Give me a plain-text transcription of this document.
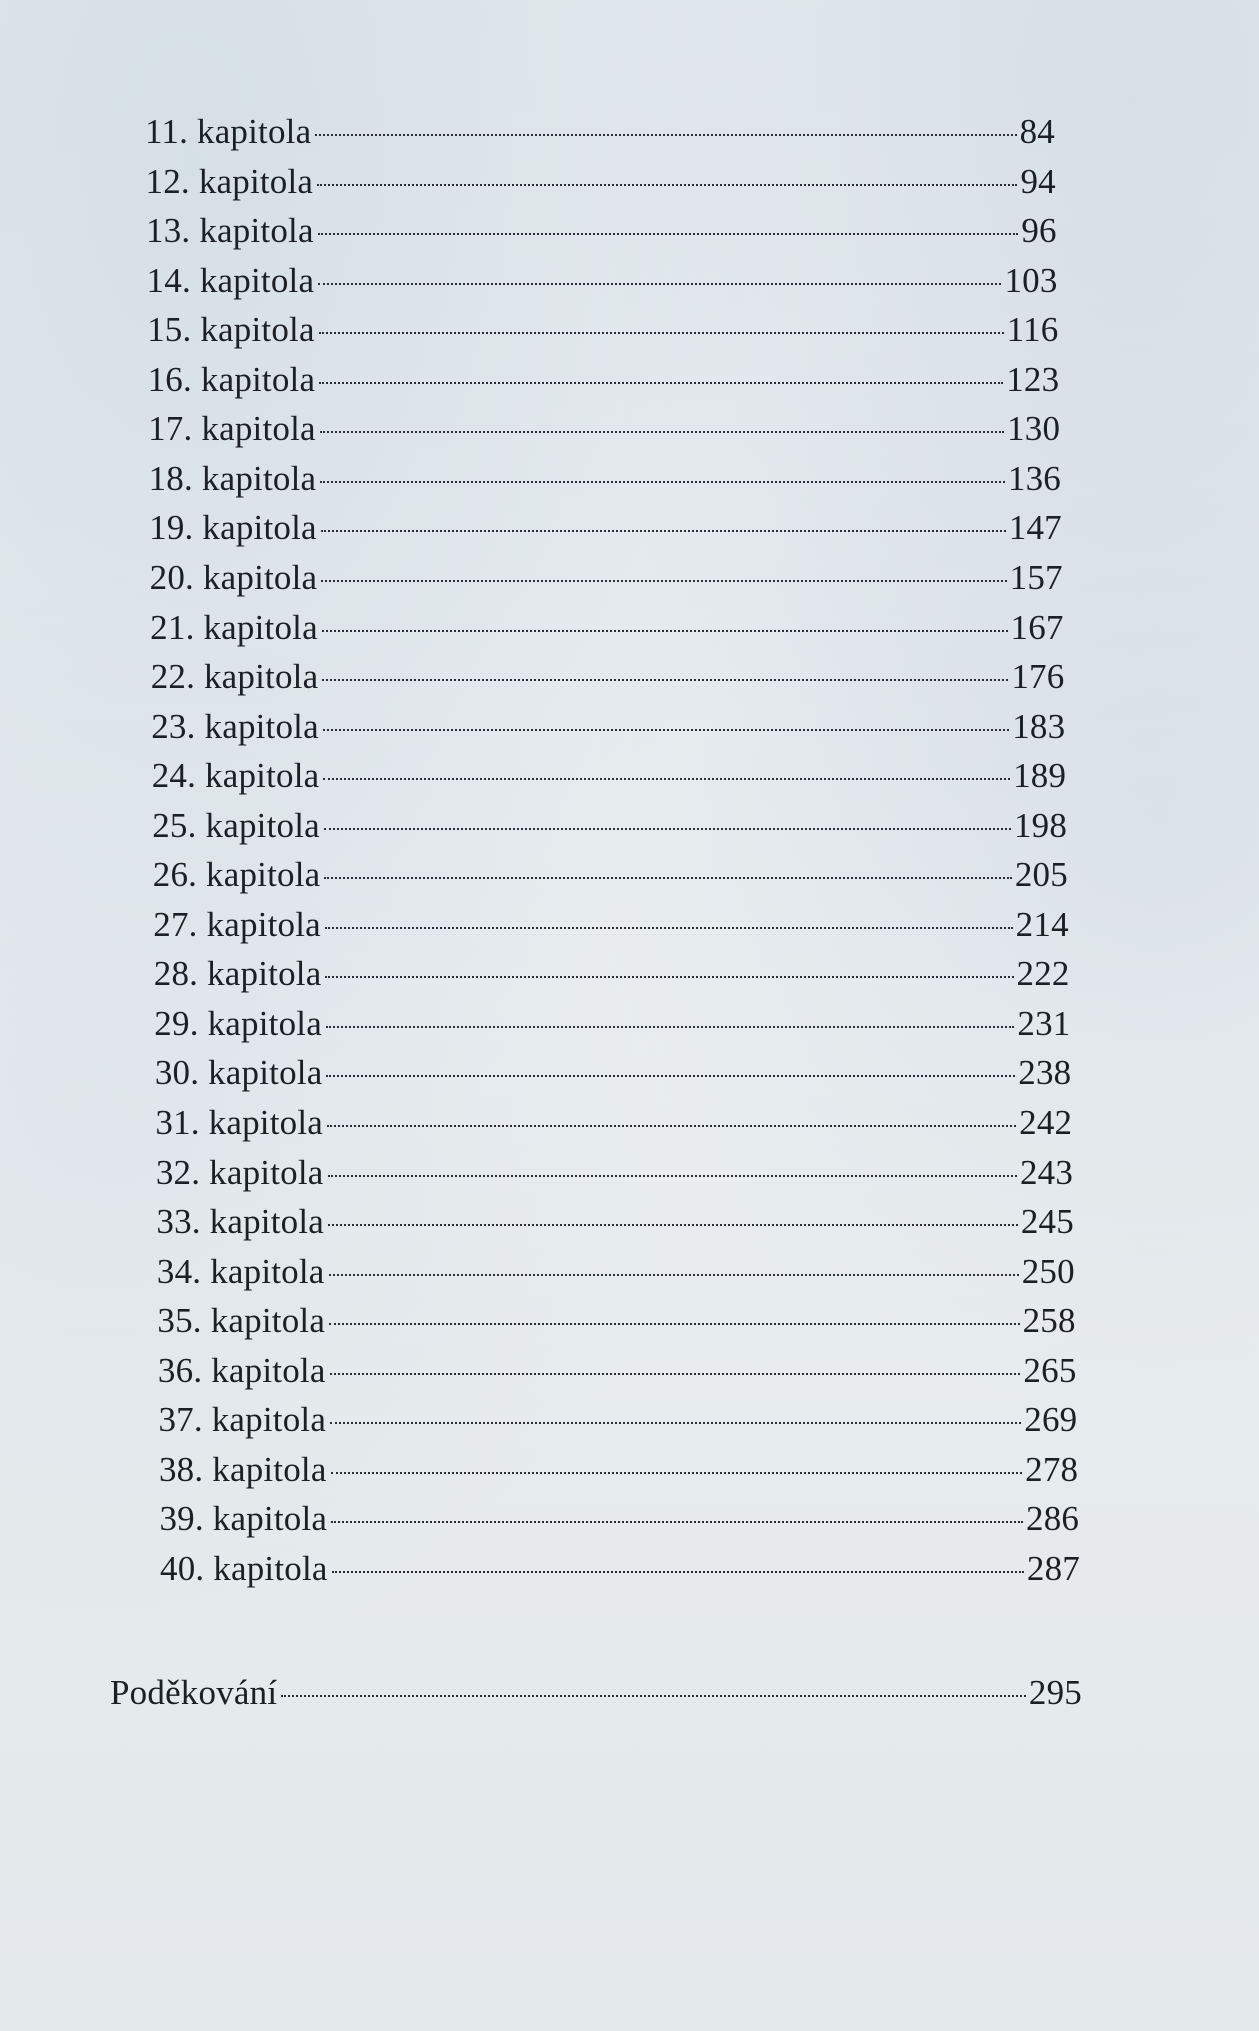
11. kapitola	84
12. kapitola	94
13. kapitola	96
14. kapitola	103
15. kapitola	116
16. kapitola	123
17. kapitola	130
18. kapitola	136
19. kapitola	147
20. kapitola	157
21. kapitola	167
22. kapitola	176
23. kapitola	183
24. kapitola	189
25. kapitola	198
26. kapitola	205
27. kapitola	214
28. kapitola	222
29. kapitola	231
30. kapitola	238
31. kapitola	242
32. kapitola	243
33. kapitola	245
34. kapitola	250
35. kapitola	258
36. kapitola	265
37. kapitola	269
38. kapitola	278
39. kapitola	286
40. kapitola	287
Poděkování	295
